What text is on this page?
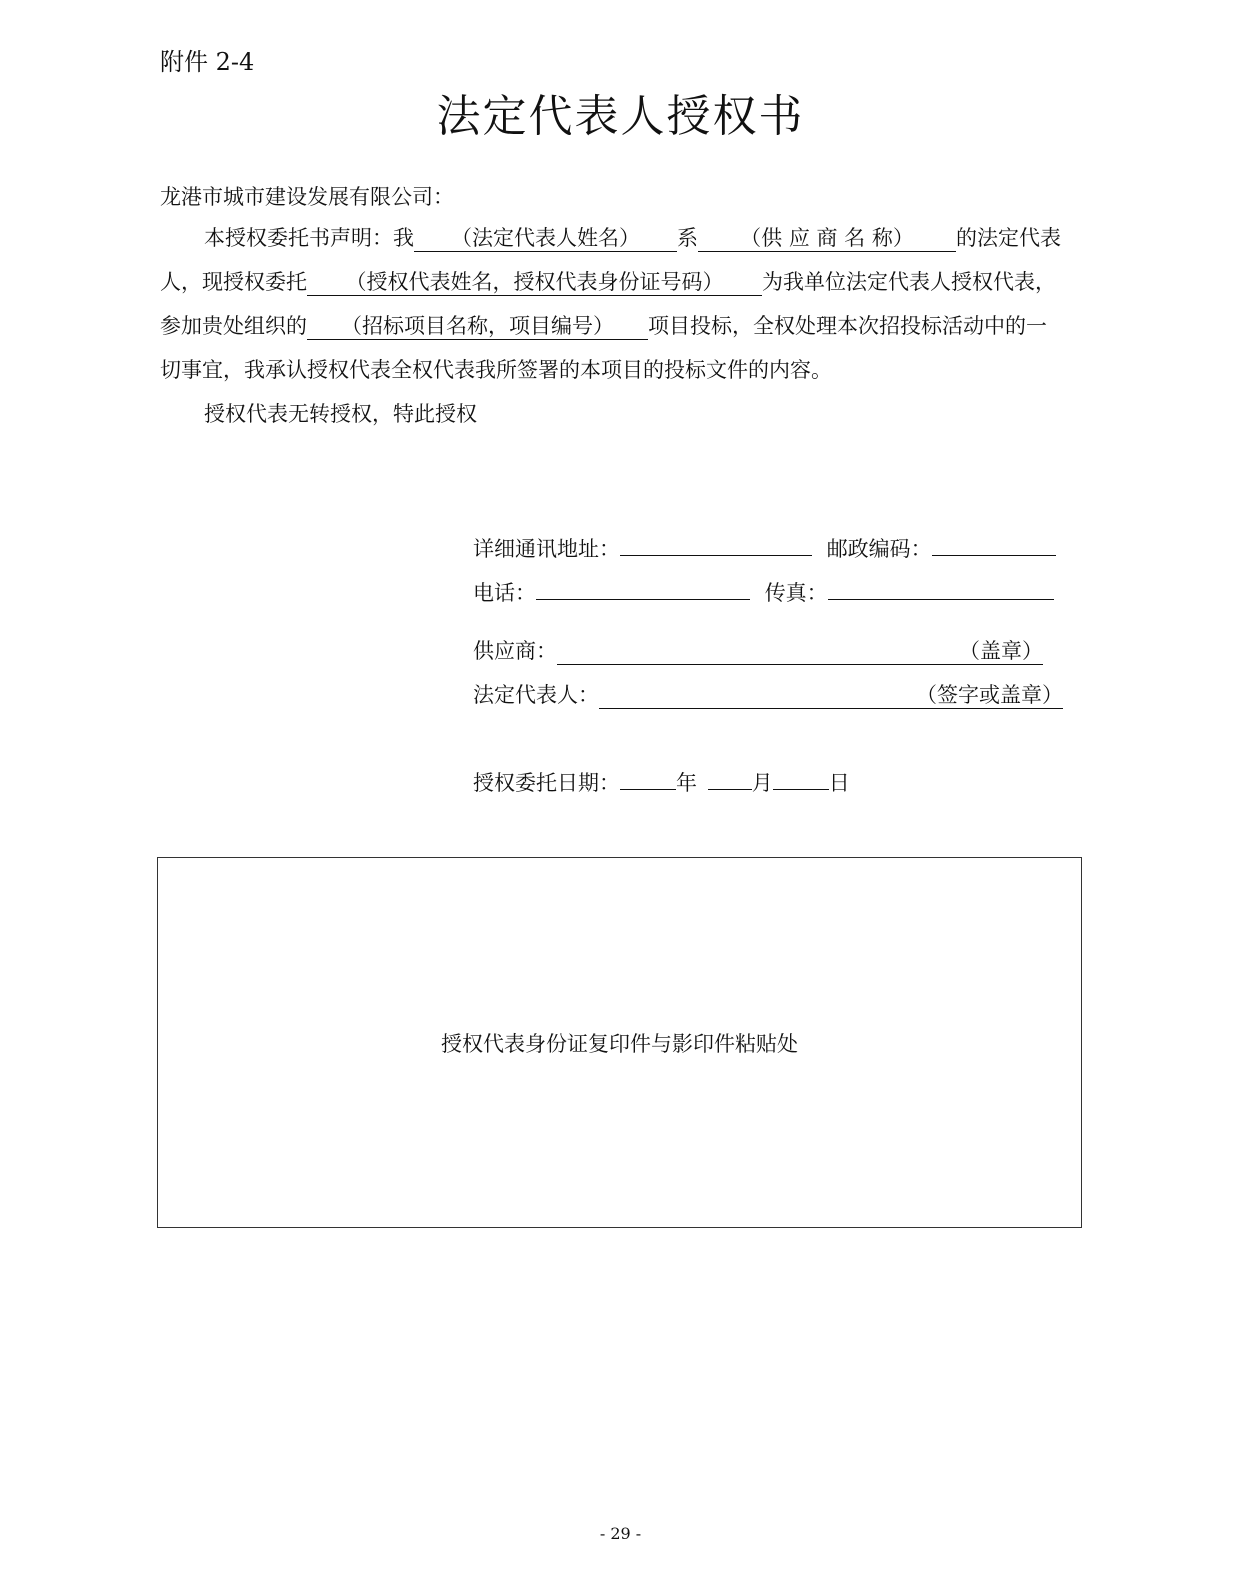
附件 2-4
法定代表人授权书
龙港市城市建设发展有限公司：
本授权委托书声明：我 （法定代表人姓名） 系 （供 应 商 名 称） 的法定代表
人，现授权委托 （授权代表姓名，授权代表身份证号码） 为我单位法定代表人授权代表，
参加贵处组织的 （招标项目名称，项目编号） 项目投标，全权处理本次招投标活动中的一
切事宜，我承认授权代表全权代表我所签署的本项目的投标文件的内容。
授权代表无转授权，特此授权
详细通讯地址：	邮政编码：
电话：	传真：
供应商：	（盖章）
法定代表人：	（签字或盖章）
授权委托日期：	年	月	日
授权代表身份证复印件与影印件粘贴处
- 29 -
